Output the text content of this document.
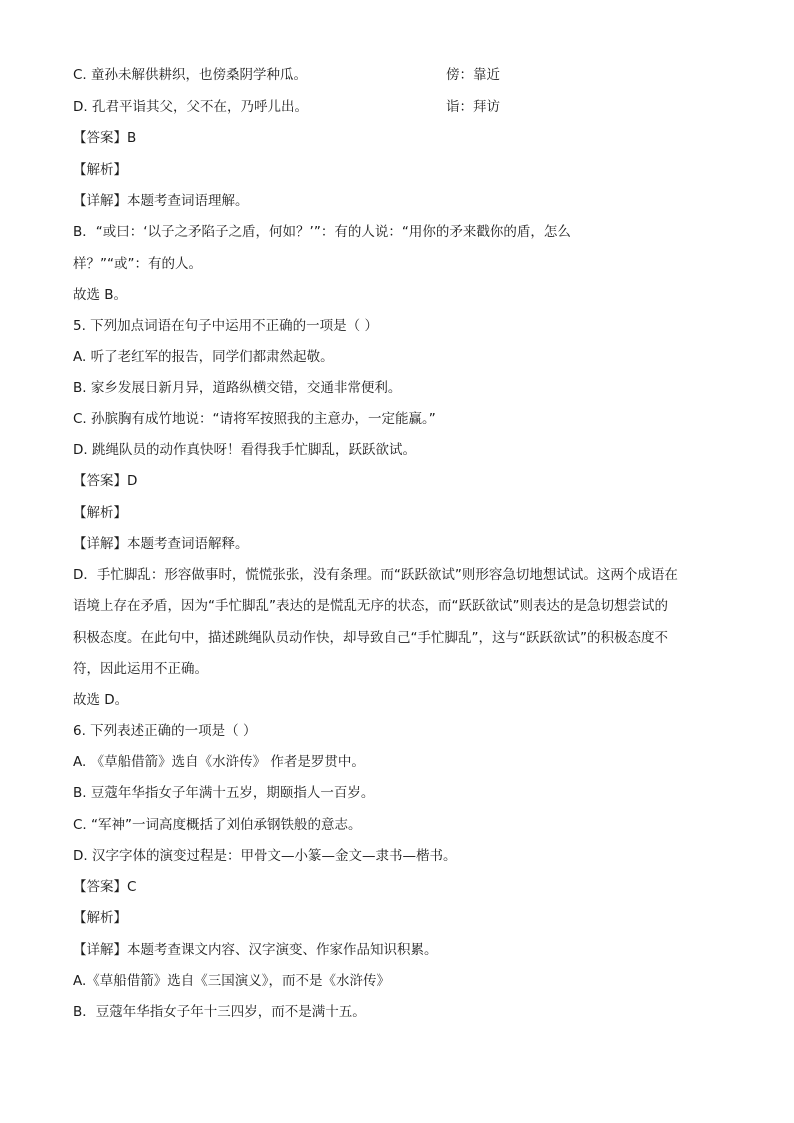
C. 童孙未解供耕织，也傍桑阴学种瓜。	傍：靠近
D. 孔君平诣其父，父不在，乃呼儿出。	诣：拜访
【答案】B
【解析】
【详解】本题考查词语理解。
B．“或曰：‘以子之矛陷子之盾，何如？’”：有的人说：“用你的矛来戳你的盾，怎么
样？”“或”：有的人。
故选 B。
5. 下列加点词语在句子中运用不正确的一项是（ ）
A. 听了老红军的报告，同学们都肃然起敬。
B. 家乡发展日新月异，道路纵横交错，交通非常便利。
C. 孙膑胸有成竹地说：“请将军按照我的主意办，一定能赢。”
D. 跳绳队员的动作真快呀！看得我手忙脚乱，跃跃欲试。
【答案】D
【解析】
【详解】本题考查词语解释。
D．手忙脚乱：形容做事时，慌慌张张，没有条理。而“跃跃欲试”则形容急切地想试试。这两个成语在
语境上存在矛盾，因为“手忙脚乱”表达的是慌乱无序的状态，而“跃跃欲试”则表达的是急切想尝试的
积极态度。在此句中，描述跳绳队员动作快，却导致自己“手忙脚乱”，这与“跃跃欲试”的积极态度不
符，因此运用不正确。
故选 D。
6. 下列表述正确的一项是（ ）
A. 《草船借箭》选自《水浒传》 作者是罗贯中。
B. 豆蔻年华指女子年满十五岁，期颐指人一百岁。
C. “军神”一词高度概括了刘伯承钢铁般的意志。
D. 汉字字体的演变过程是：甲骨文—小篆—金文—隶书—楷书。
【答案】C
【解析】
【详解】本题考查课文内容、汉字演变、作家作品知识积累。
A.《草船借箭》选自《三国演义》，而不是《水浒传》
B．豆蔻年华指女子年十三四岁，而不是满十五。
